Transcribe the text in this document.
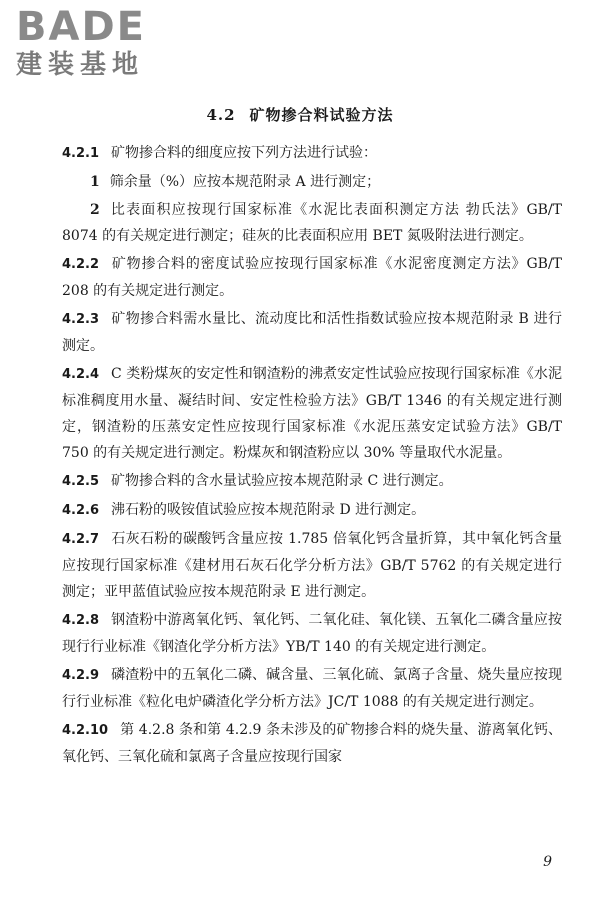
BADE
建装基地
4.2 矿物掺合料试验方法

4.2.1 矿物掺合料的细度应按下列方法进行试验：

1 筛余量（%）应按本规范附录 A 进行测定；

2 比表面积应按现行国家标准《水泥比表面积测定方法 勃氏法》GB/T 8074 的有关规定进行测定；硅灰的比表面积应用 BET 氮吸附法进行测定。

4.2.2 矿物掺合料的密度试验应按现行国家标准《水泥密度测定方法》GB/T 208 的有关规定进行测定。

4.2.3 矿物掺合料需水量比、流动度比和活性指数试验应按本规范附录 B 进行测定。

4.2.4 C 类粉煤灰的安定性和钢渣粉的沸煮安定性试验应按现行国家标准《水泥标准稠度用水量、凝结时间、安定性检验方法》GB/T 1346 的有关规定进行测定，钢渣粉的压蒸安定性应按现行国家标准《水泥压蒸安定试验方法》GB/T 750 的有关规定进行测定。粉煤灰和钢渣粉应以 30% 等量取代水泥量。

4.2.5 矿物掺合料的含水量试验应按本规范附录 C 进行测定。

4.2.6 沸石粉的吸铵值试验应按本规范附录 D 进行测定。

4.2.7 石灰石粉的碳酸钙含量应按 1.785 倍氧化钙含量折算，其中氧化钙含量应按现行国家标准《建材用石灰石化学分析方法》GB/T 5762 的有关规定进行测定；亚甲蓝值试验应按本规范附录 E 进行测定。

4.2.8 钢渣粉中游离氧化钙、氧化钙、二氧化硅、氧化镁、五氧化二磷含量应按现行行业标准《钢渣化学分析方法》YB/T 140 的有关规定进行测定。

4.2.9 磷渣粉中的五氧化二磷、碱含量、三氧化硫、氯离子含量、烧失量应按现行行业标准《粒化电炉磷渣化学分析方法》JC/T 1088 的有关规定进行测定。

4.2.10 第 4.2.8 条和第 4.2.9 条未涉及的矿物掺合料的烧失量、游离氧化钙、氧化钙、三氧化硫和氯离子含量应按现行国家

9
